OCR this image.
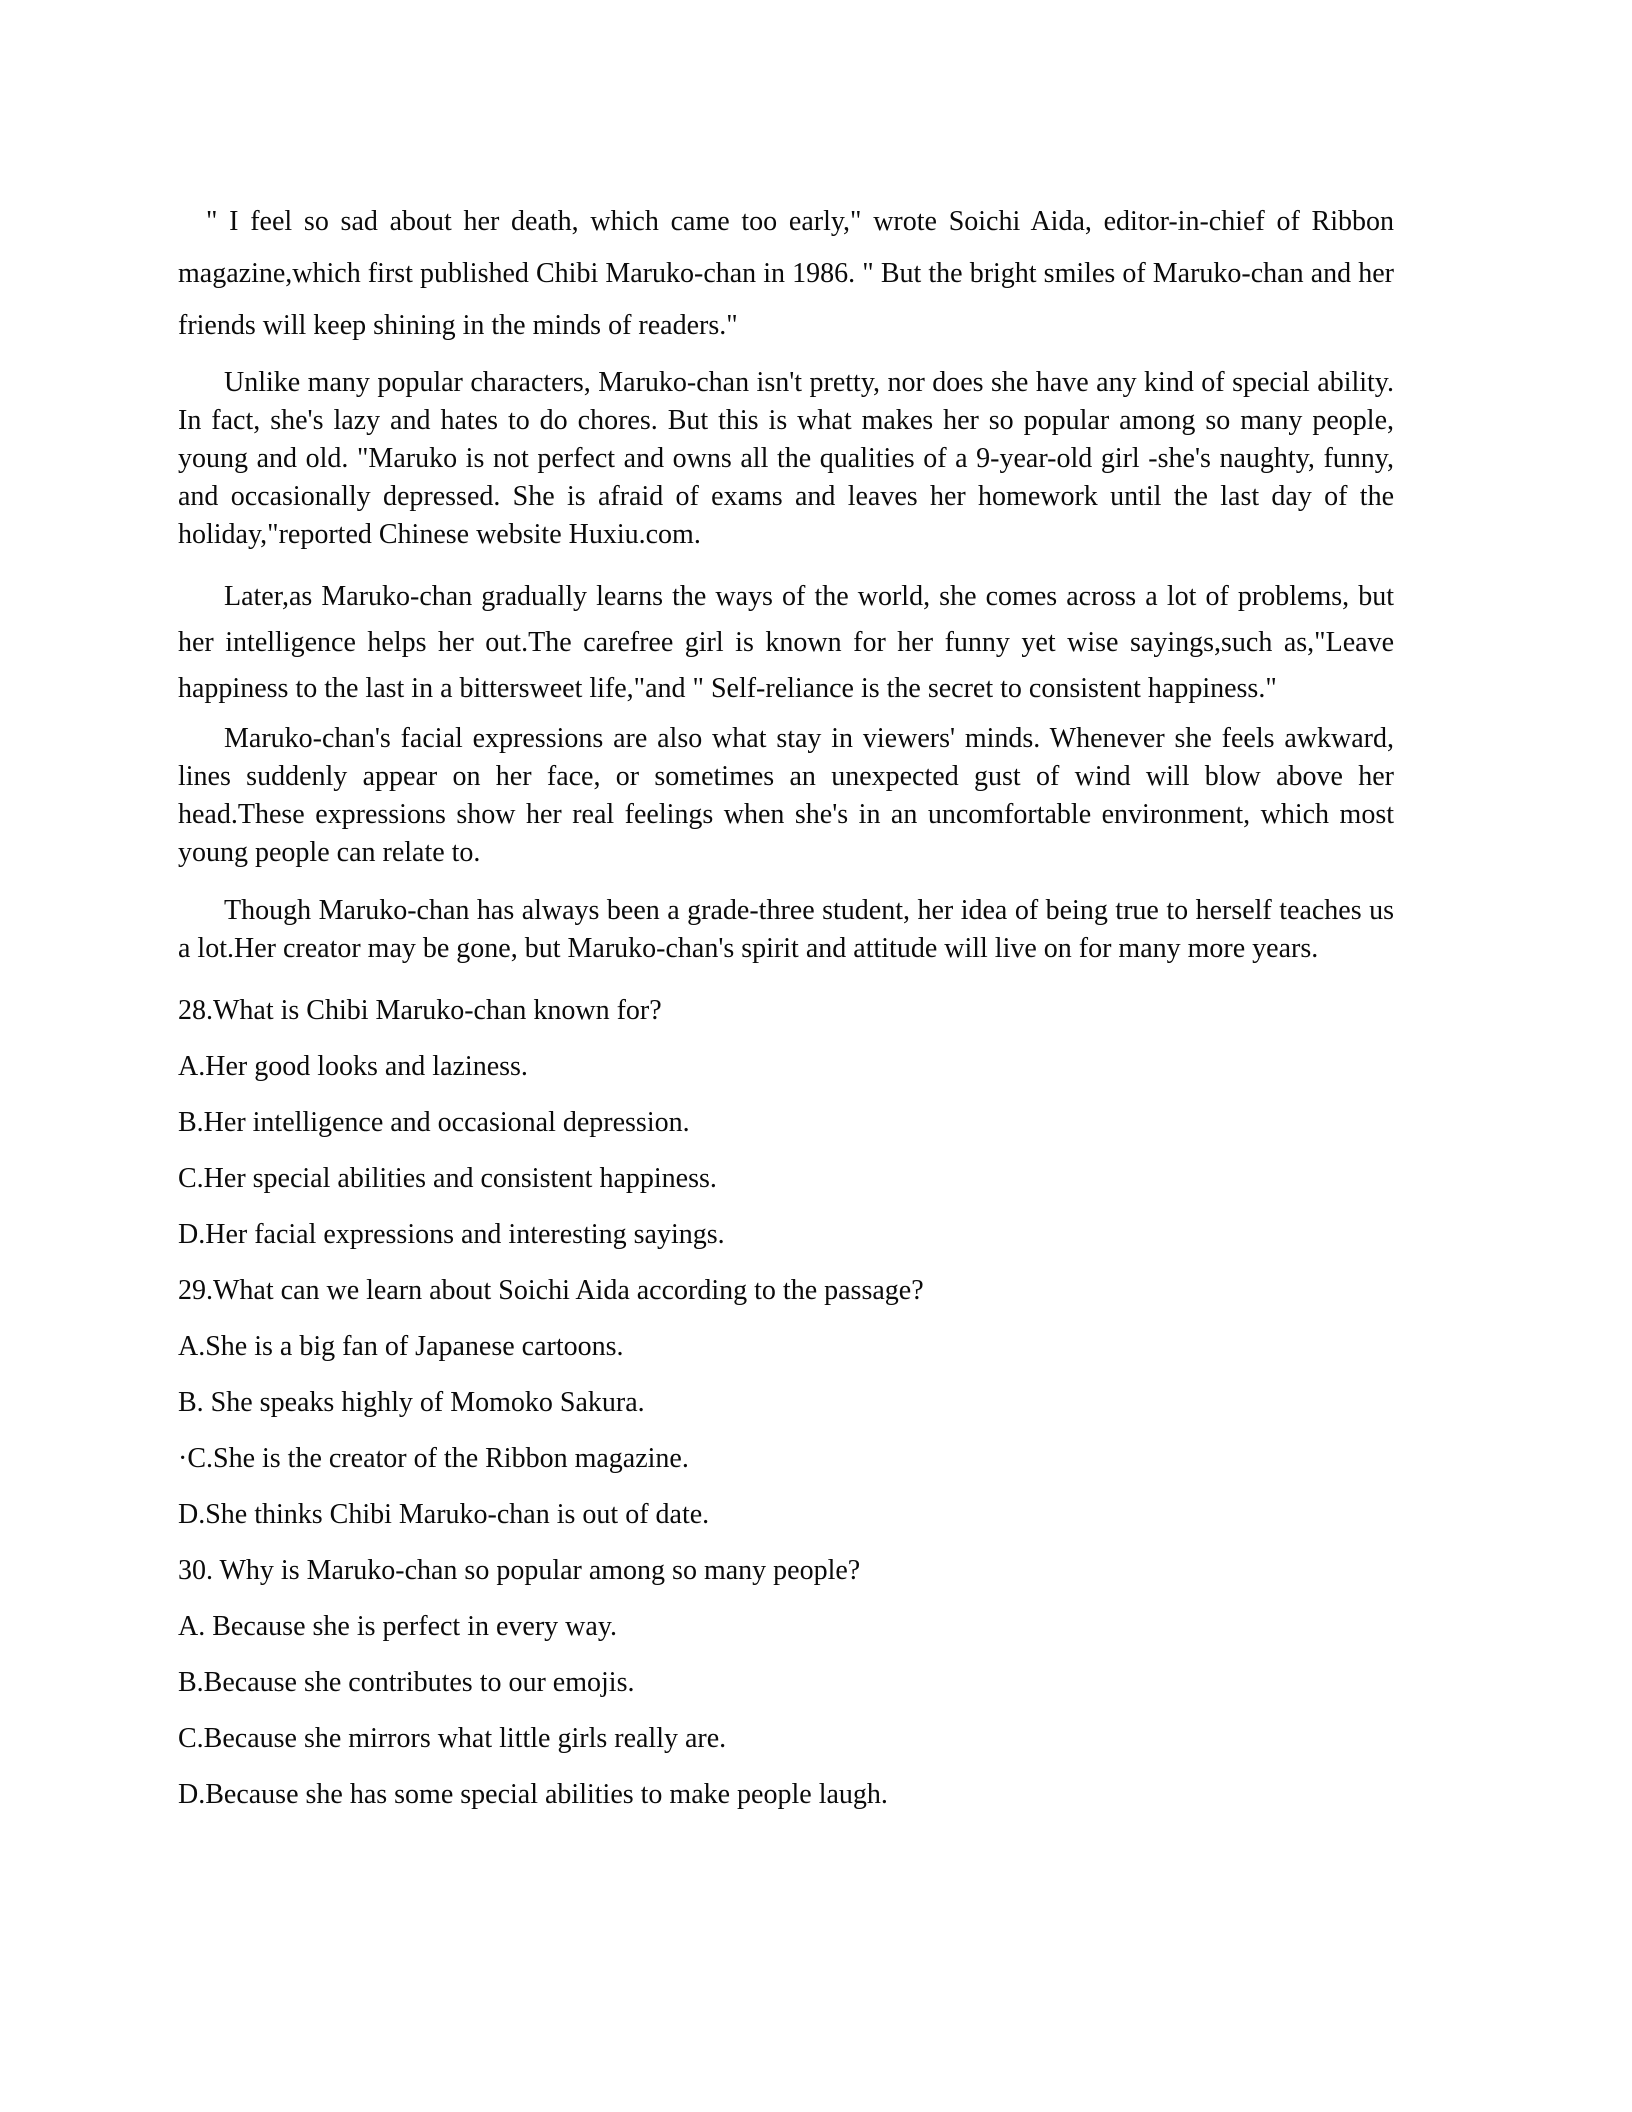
" I feel so sad about her death, which came too early," wrote Soichi Aida, editor-in-chief of Ribbon magazine,which first published Chibi Maruko-chan in 1986. " But the bright smiles of Maruko-chan and her friends will keep shining in the minds of readers."

Unlike many popular characters, Maruko-chan isn't pretty, nor does she have any kind of special ability. In fact, she's lazy and hates to do chores. But this is what makes her so popular among so many people, young and old. "Maruko is not perfect and owns all the qualities of a 9-year-old girl -she's naughty, funny, and occasionally depressed. She is afraid of exams and leaves her homework until the last day of the holiday,"reported Chinese website Huxiu.com.

Later,as Maruko-chan gradually learns the ways of the world, she comes across a lot of problems, but her intelligence helps her out.The carefree girl is known for her funny yet wise sayings,such as,"Leave happiness to the last in a bittersweet life,"and " Self-reliance is the secret to consistent happiness."

Maruko-chan's facial expressions are also what stay in viewers' minds. Whenever she feels awkward, lines suddenly appear on her face, or sometimes an unexpected gust of wind will blow above her head.These expressions show her real feelings when she's in an uncomfortable environment, which most young people can relate to.

Though Maruko-chan has always been a grade-three student, her idea of being true to herself teaches us a lot.Her creator may be gone, but Maruko-chan's spirit and attitude will live on for many more years.

28.What is Chibi Maruko-chan known for?

A.Her good looks and laziness.

B.Her intelligence and occasional depression.

C.Her special abilities and consistent happiness.

D.Her facial expressions and interesting sayings.

29.What can we learn about Soichi Aida according to the passage?

A.She is a big fan of Japanese cartoons.

B. She speaks highly of Momoko Sakura.

·C.She is the creator of the Ribbon magazine.

D.She thinks Chibi Maruko-chan is out of date.

30. Why is Maruko-chan so popular among so many people?

A. Because she is perfect in every way.

B.Because she contributes to our emojis.

C.Because she mirrors what little girls really are.

D.Because she has some special abilities to make people laugh.
